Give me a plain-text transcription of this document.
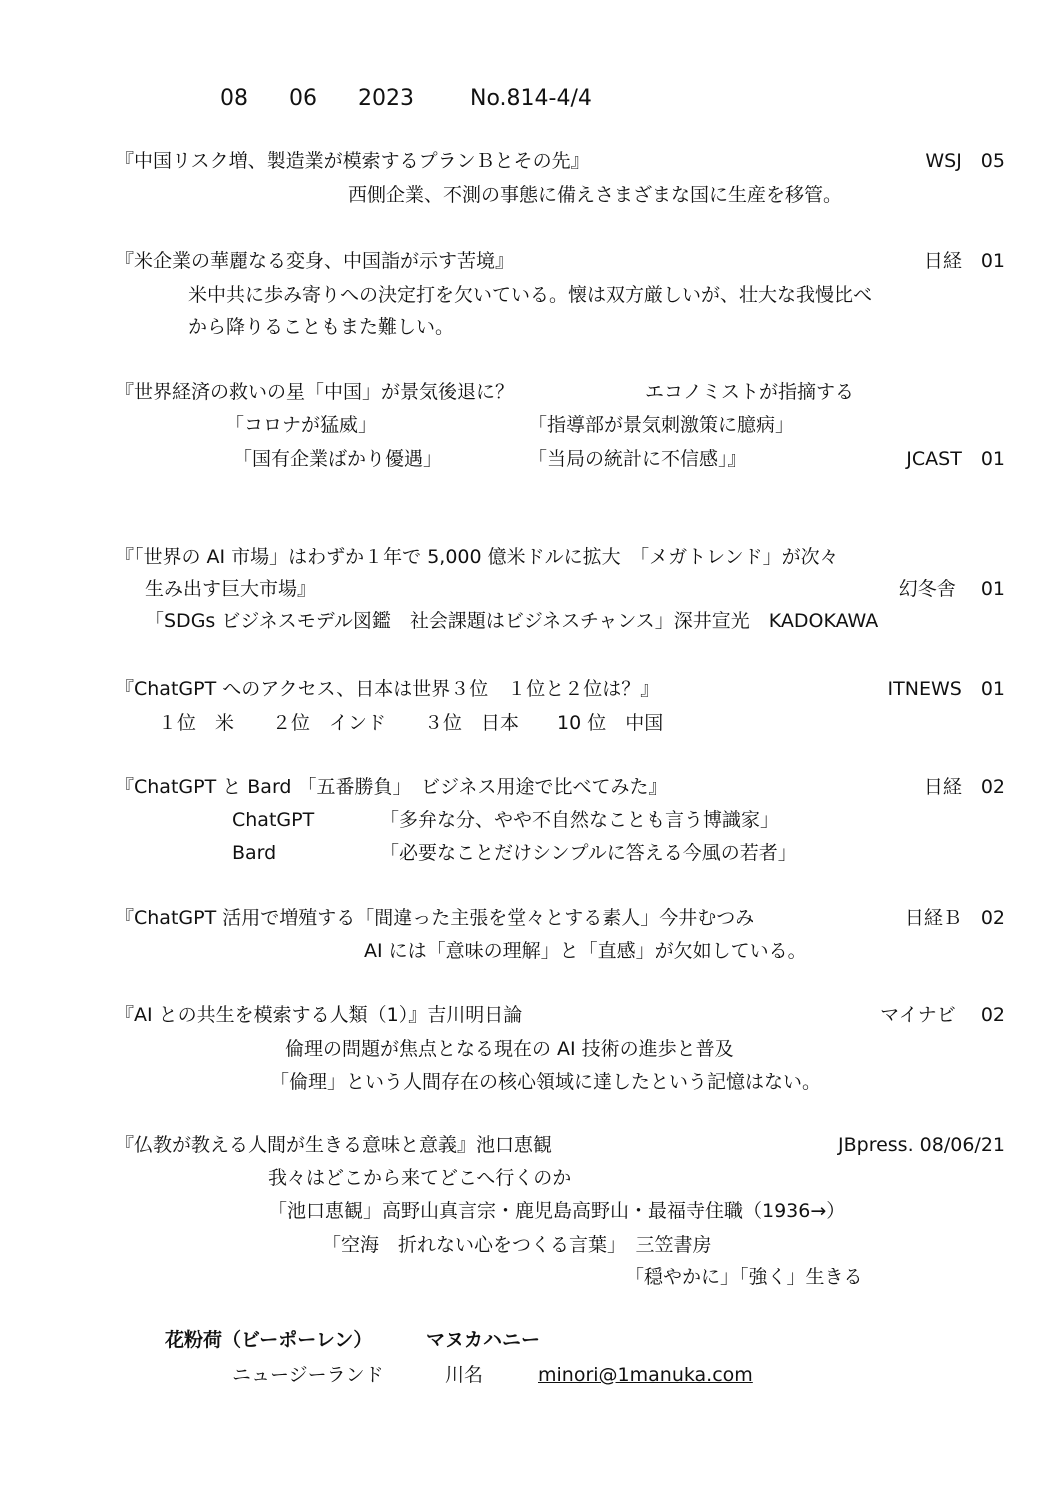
08 06 2023	No.814-4/4
『中国リスク増、製造業が模索するプランＢとその先』	WSJ　05
西側企業、不測の事態に備えさまざまな国に生産を移管。
『米企業の華麗なる変身、中国詣が示す苦境』	日経　01
米中共に歩み寄りへの決定打を欠いている。懐は双方厳しいが、壮大な我慢比べ
から降りることもまた難しい。
『世界経済の救いの星「中国」が景気後退に？	エコノミストが指摘する
「コロナが猛威」	「指導部が景気刺激策に臆病」
「国有企業ばかり優遇」	「当局の統計に不信感」』	JCAST　01
『「世界の AI 市場」はわずか１年で 5,000 億米ドルに拡大　「メガトレンド」が次々
生み出す巨大市場』	幻冬舎　 01
「SDGs ビジネスモデル図鑑　社会課題はビジネスチャンス」深井宣光　KADOKAWA
『ChatGPT へのアクセス、日本は世界３位　１位と２位は？』	ITNEWS　01
１位　米　　２位　インド　　３位　日本　　10 位　中国
『ChatGPT と Bard 「五番勝負」　ビジネス用途で比べてみた』	日経　02
ChatGPT	「多弁な分、やや不自然なことも言う博識家」
Bard	「必要なことだけシンプルに答える今風の若者」
『ChatGPT 活用で増殖する「間違った主張を堂々とする素人」今井むつみ	日経Ｂ　02
AI には「意味の理解」と「直感」が欠如している。
『AI との共生を模索する人類（1）』吉川明日論	マイナビ　 02
倫理の問題が焦点となる現在の AI 技術の進歩と普及
「倫理」という人間存在の核心領域に達したという記憶はない。
『仏教が教える人間が生きる意味と意義』池口恵観	JBpress. 08/06/21
我々はどこから来てどこへ行くのか
「池口恵観」高野山真言宗・鹿児島高野山・最福寺住職（1936→）
「空海　折れない心をつくる言葉」　三笠書房
「穏やかに」「強く」生きる
花粉荷（ビーポーレン）	マヌカハニー
ニュージーランド	川名	minori@1manuka.com
